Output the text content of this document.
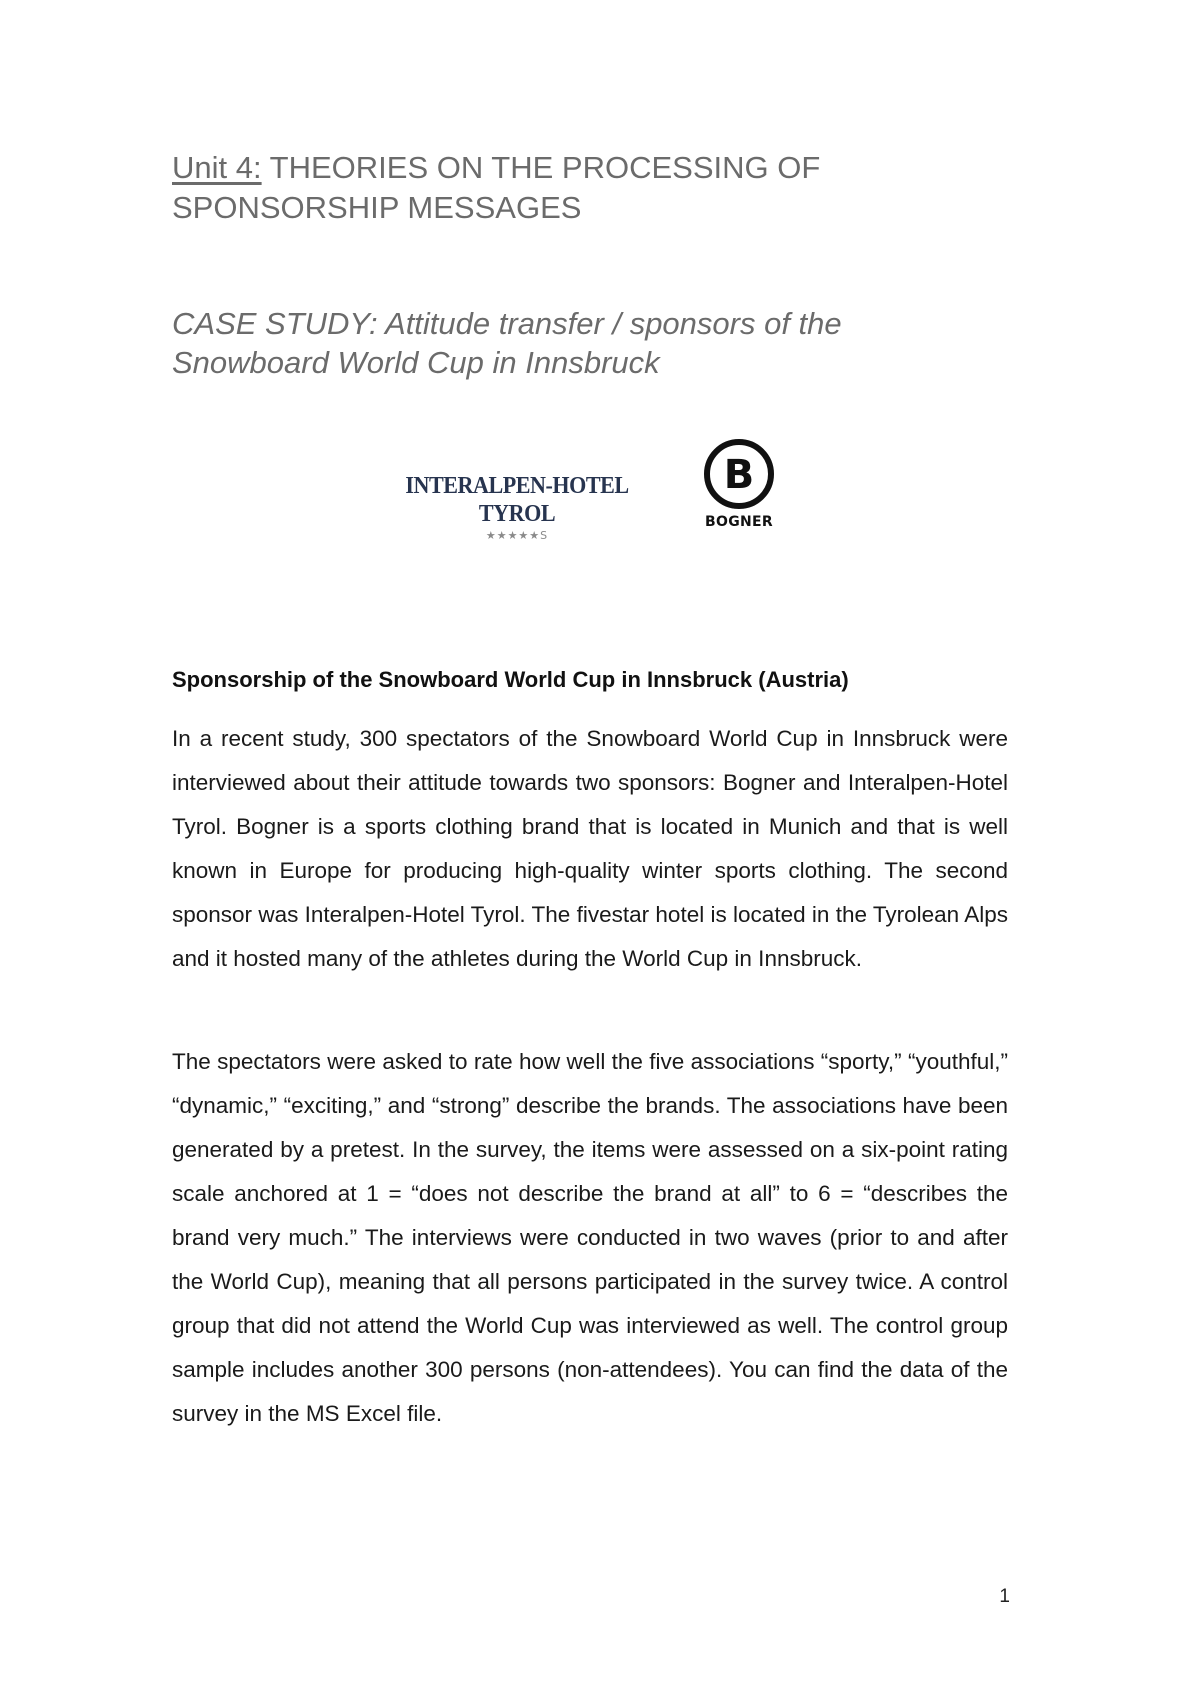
Unit 4: THEORIES ON THE PROCESSING OF SPONSORSHIP MESSAGES
CASE STUDY: Attitude transfer / sponsors of the Snowboard World Cup in Innsbruck
INTERALPEN-HOTEL TYROL
★★★★★S
B
BOGNER
Sponsorship of the Snowboard World Cup in Innsbruck (Austria)

In a recent study, 300 spectators of the Snowboard World Cup in Innsbruck were interviewed about their attitude towards two sponsors: Bogner and Interalpen-Hotel Tyrol. Bogner is a sports clothing brand that is located in Munich and that is well known in Europe for producing high-quality winter sports clothing. The second sponsor was Interalpen-Hotel Tyrol. The fivestar hotel is located in the Tyrolean Alps and it hosted many of the athletes during the World Cup in Innsbruck.

The spectators were asked to rate how well the five associations “sporty,” “youthful,” “dynamic,” “exciting,” and “strong” describe the brands. The associations have been generated by a pretest. In the survey, the items were assessed on a six-point rating scale anchored at 1 = “does not describe the brand at all” to 6 = “describes the brand very much.” The interviews were conducted in two waves (prior to and after the World Cup), meaning that all persons participated in the survey twice. A control group that did not attend the World Cup was interviewed as well. The control group sample includes another 300 persons (non-attendees). You can find the data of the survey in the MS Excel file.

1
